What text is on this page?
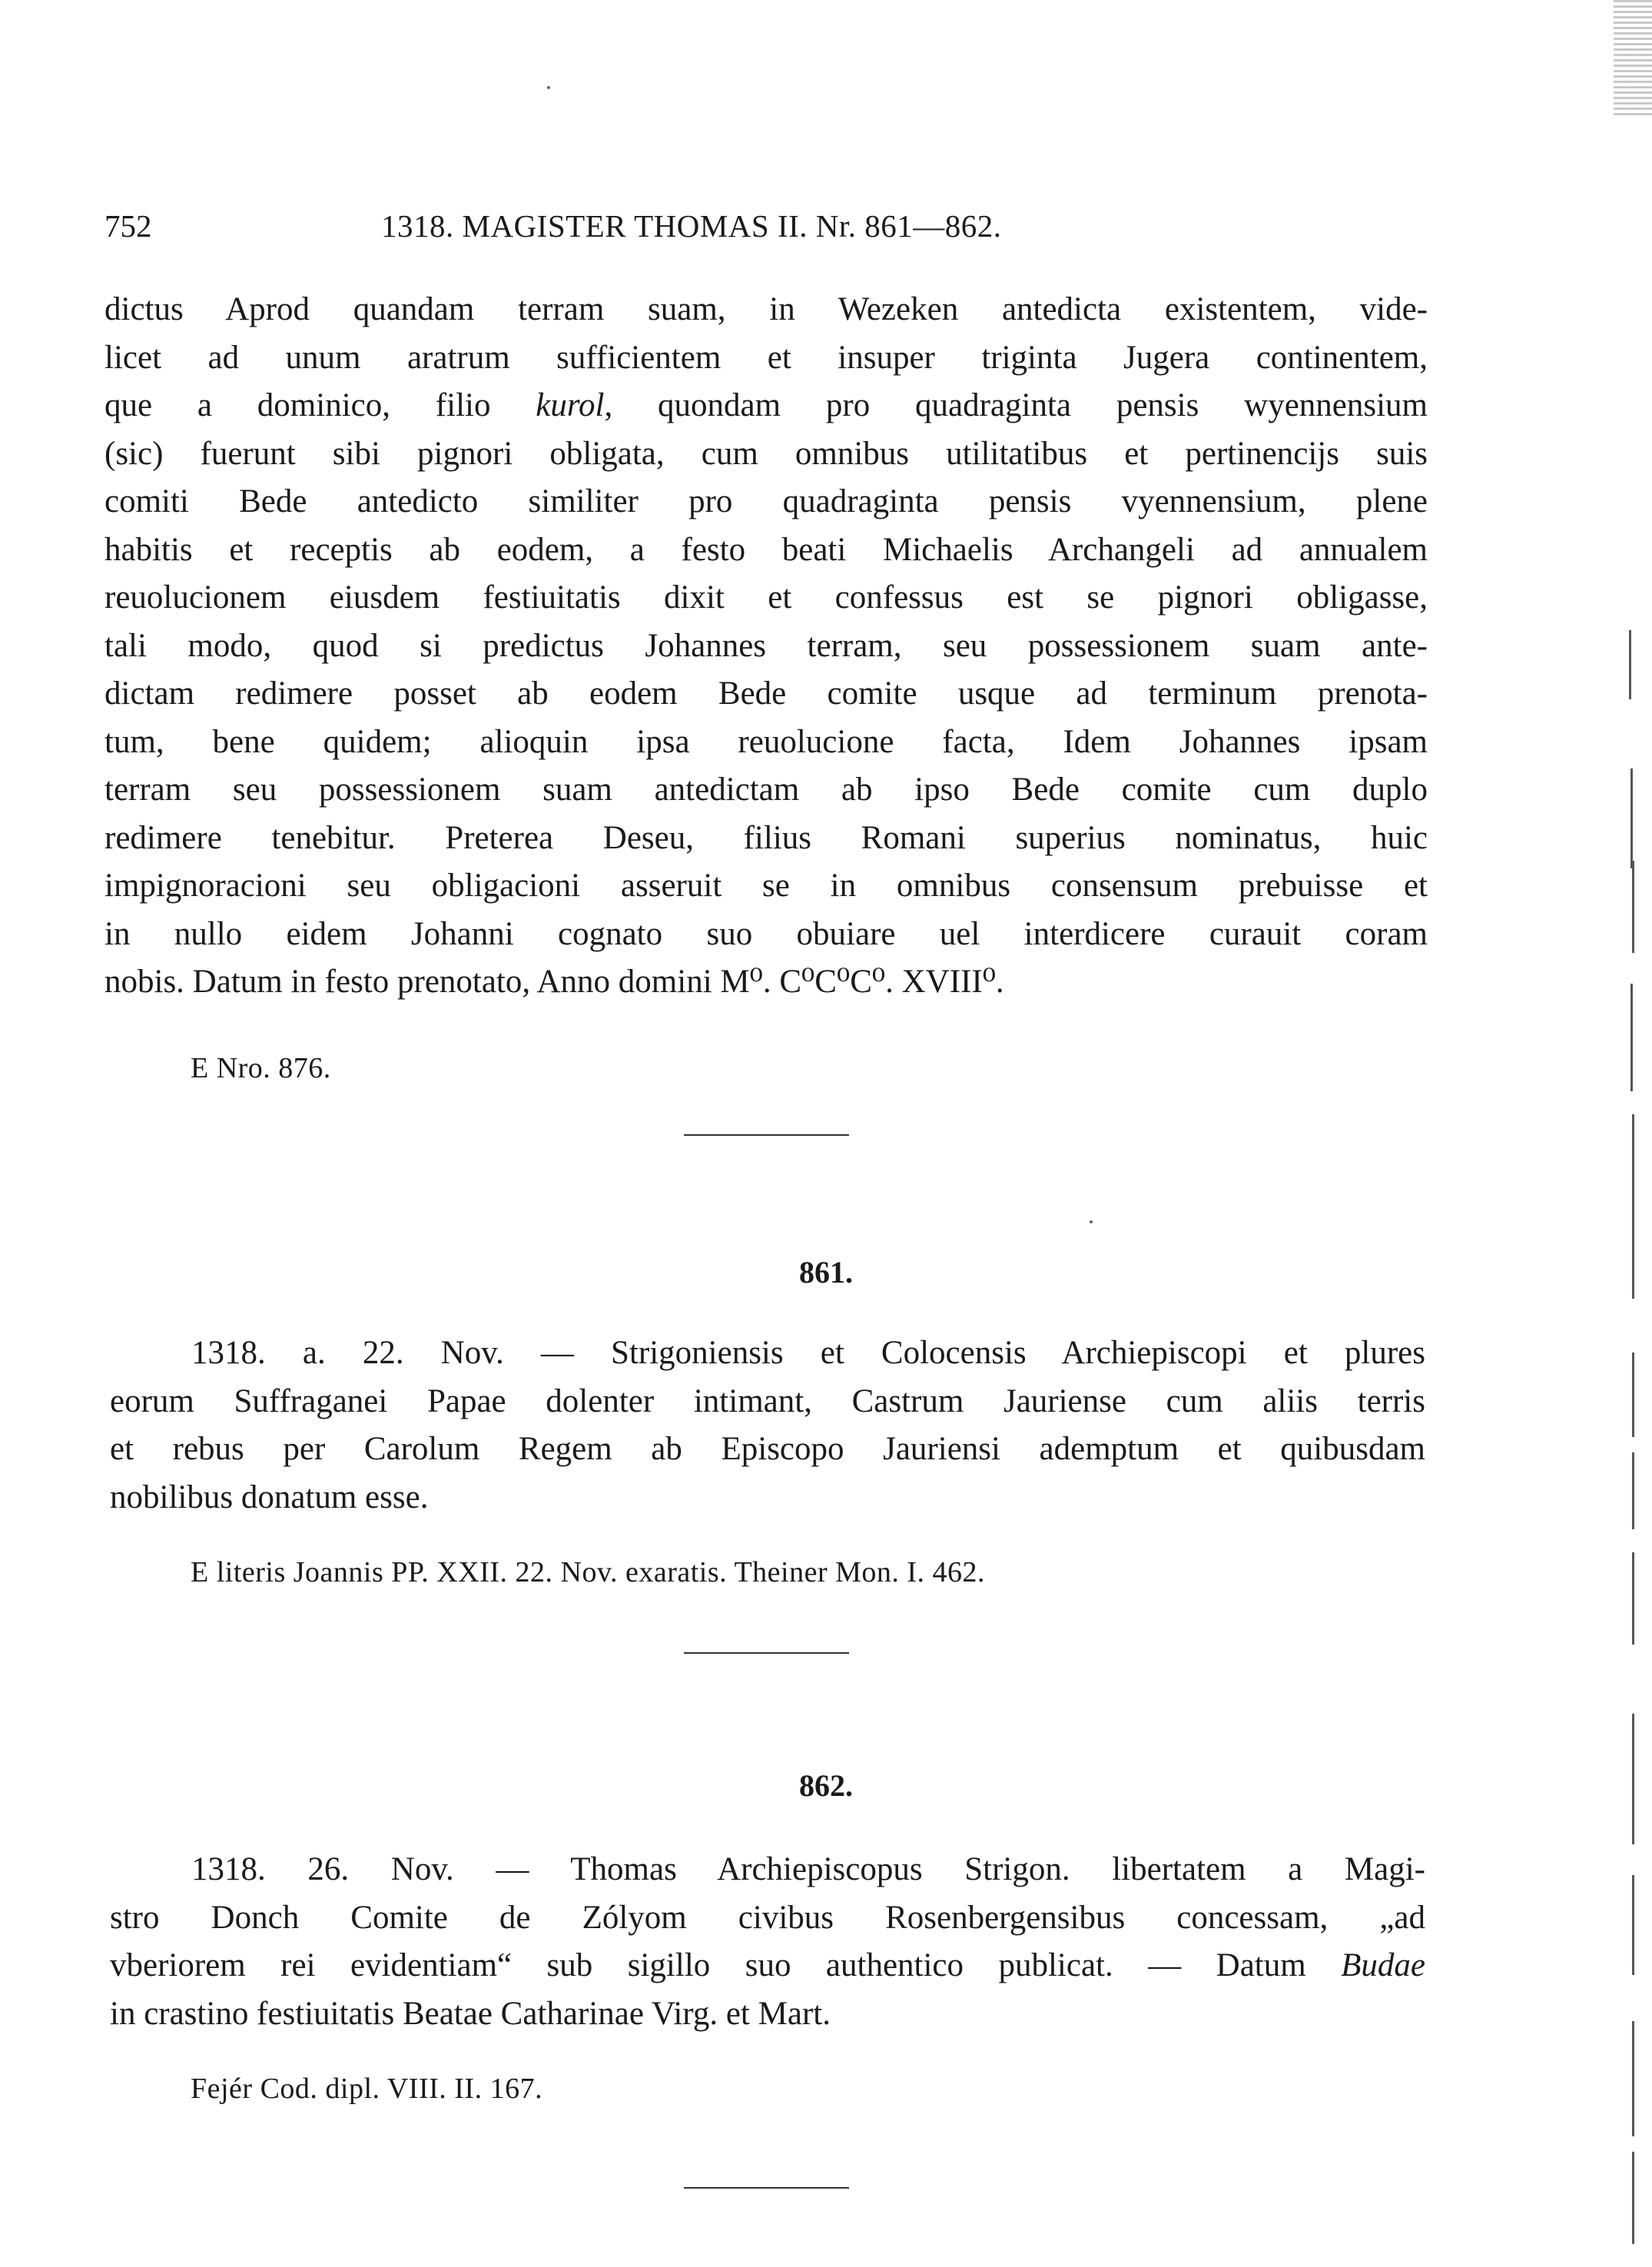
752	1318. MAGISTER THOMAS II. Nr. 861—862.
dictus Aprod quandam terram suam, in Wezeken antedicta existentem, vide-
licet ad unum aratrum sufficientem et insuper triginta Jugera continentem,
que a dominico, filio kurol, quondam pro quadraginta pensis wyennensium
(sic) fuerunt sibi pignori obligata, cum omnibus utilitatibus et pertinencijs suis
comiti Bede antedicto similiter pro quadraginta pensis vyennensium, plene
habitis et receptis ab eodem, a festo beati Michaelis Archangeli ad annualem
reuolucionem eiusdem festiuitatis dixit et confessus est se pignori obligasse,
tali modo, quod si predictus Johannes terram, seu possessionem suam ante-
dictam redimere posset ab eodem Bede comite usque ad terminum prenota-
tum, bene quidem; alioquin ipsa reuolucione facta, Idem Johannes ipsam
terram seu possessionem suam antedictam ab ipso Bede comite cum duplo
redimere tenebitur. Preterea Deseu, filius Romani superius nominatus, huic
impignoracioni seu obligacioni asseruit se in omnibus consensum prebuisse et
in nullo eidem Johanni cognato suo obuiare uel interdicere curauit coram
nobis. Datum in festo prenotato, Anno domini M⁰. C⁰C⁰C⁰. XVIII⁰.
E Nro. 876.
861.
1318. a. 22. Nov. — Strigoniensis et Colocensis Archiepiscopi et plures
eorum Suffraganei Papae dolenter intimant, Castrum Jauriense cum aliis terris
et rebus per Carolum Regem ab Episcopo Jauriensi ademptum et quibusdam
nobilibus donatum esse.
E literis Joannis PP. XXII. 22. Nov. exaratis. Theiner Mon. I. 462.
862.
1318. 26. Nov. — Thomas Archiepiscopus Strigon. libertatem a Magi-
stro Donch Comite de Zólyom civibus Rosenbergensibus concessam, „ad
vberiorem rei evidentiam“ sub sigillo suo authentico publicat. — Datum Budae
in crastino festiuitatis Beatae Catharinae Virg. et Mart.
Fejér Cod. dipl. VIII. II. 167.
